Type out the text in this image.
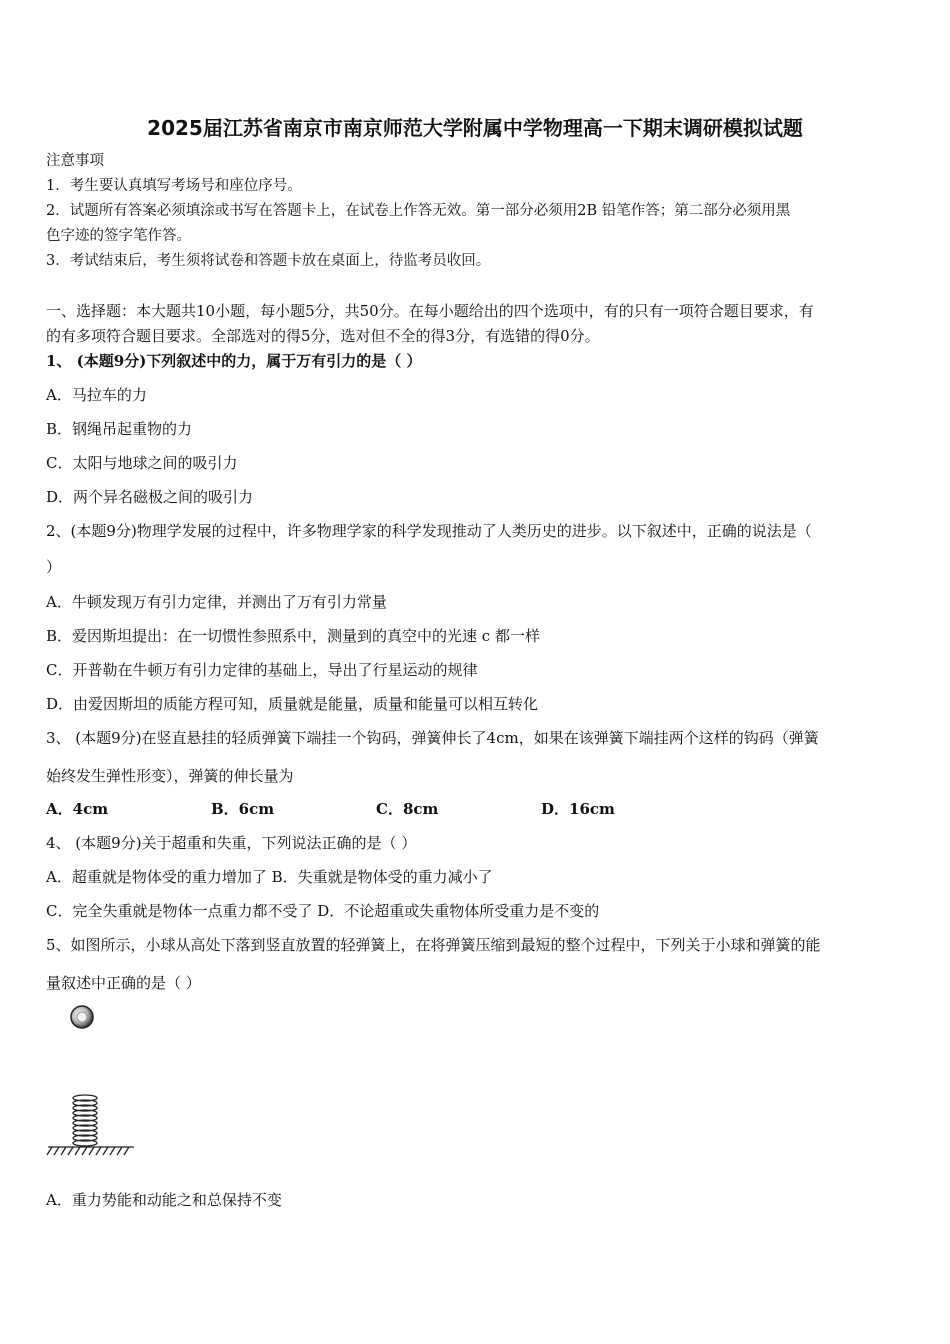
2025届江苏省南京市南京师范大学附属中学物理高一下期末调研模拟试题
注意事项
1．考生要认真填写考场号和座位序号。
2．试题所有答案必须填涂或书写在答题卡上，在试卷上作答无效。第一部分必须用2B 铅笔作答；第二部分必须用黑
色字迹的签字笔作答。
3．考试结束后，考生须将试卷和答题卡放在桌面上，待监考员收回。
一、选择题：本大题共10小题，每小题5分，共50分。在每小题给出的四个选项中，有的只有一项符合题目要求，有
的有多项符合题目要求。全部选对的得5分，选对但不全的得3分，有选错的得0分。
1、 (本题9分)下列叙述中的力，属于万有引力的是（ ）
A．马拉车的力
B．钢绳吊起重物的力
C．太阳与地球之间的吸引力
D．两个异名磁极之间的吸引力
2、(本题9分)物理学发展的过程中，许多物理学家的科学发现推动了人类历史的进步。以下叙述中，正确的说法是（
）
A．牛顿发现万有引力定律，并测出了万有引力常量
B．爱因斯坦提出：在一切惯性参照系中，测量到的真空中的光速 c 都一样
C．开普勒在牛顿万有引力定律的基础上，导出了行星运动的规律
D．由爱因斯坦的质能方程可知，质量就是能量，质量和能量可以相互转化
3、 (本题9分)在竖直悬挂的轻质弹簧下端挂一个钩码，弹簧伸长了4cm，如果在该弹簧下端挂两个这样的钩码（弹簧
始终发生弹性形变），弹簧的伸长量为
A．4cm	B．6cm	C．8cm	D．16cm
4、 (本题9分)关于超重和失重，下列说法正确的是（ ）
A．超重就是物体受的重力增加了 B．失重就是物体受的重力减小了
C．完全失重就是物体一点重力都不受了 D．不论超重或失重物体所受重力是不变的
5、如图所示，小球从高处下落到竖直放置的轻弹簧上，在将弹簧压缩到最短的整个过程中，下列关于小球和弹簧的能
量叙述中正确的是（ ）
A．重力势能和动能之和总保持不变
